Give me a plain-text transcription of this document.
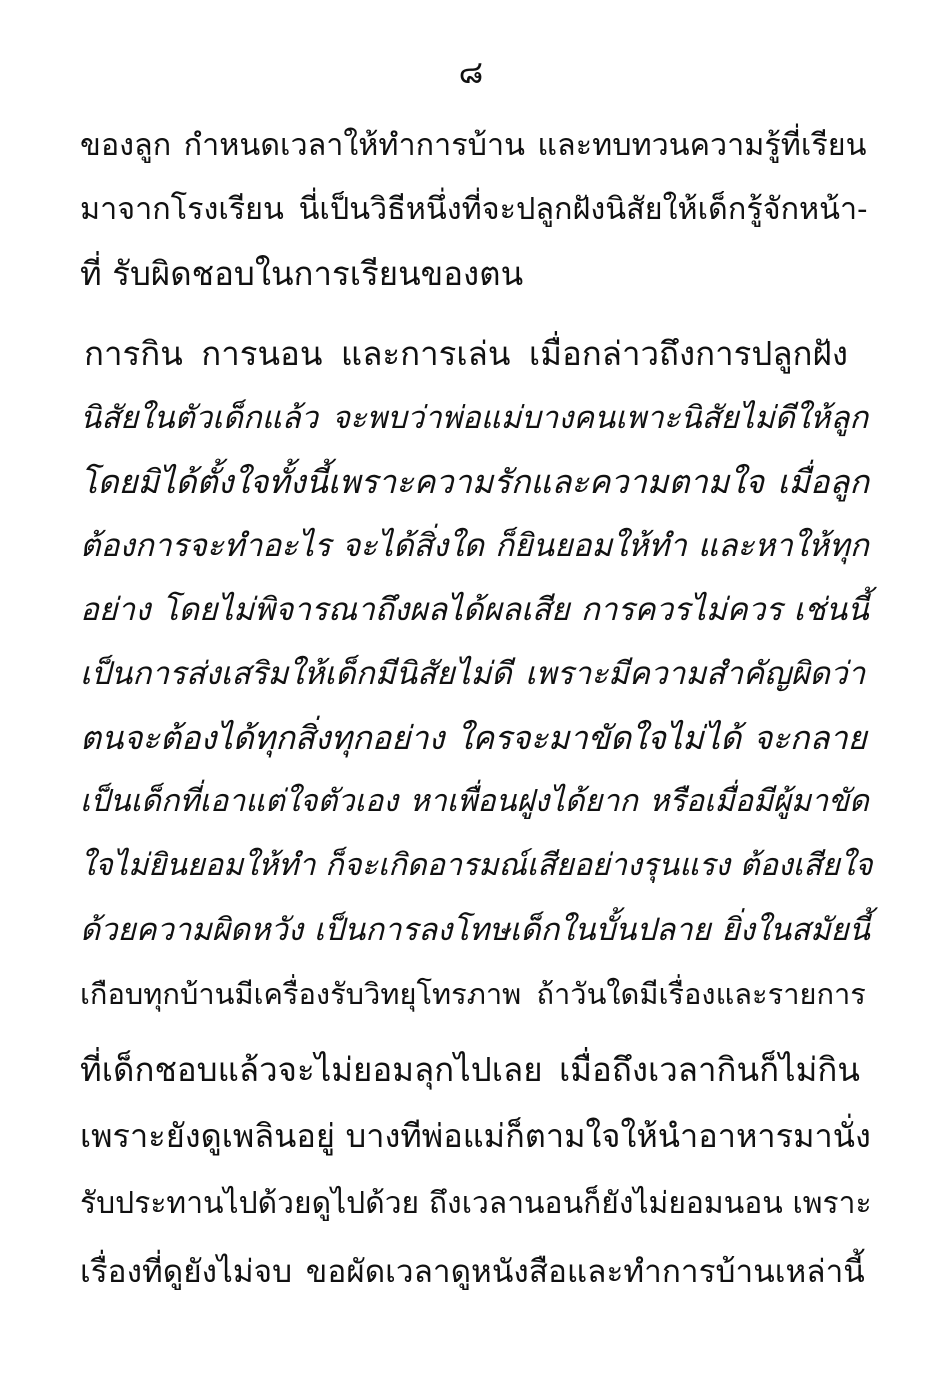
๘
ของลูก กำหนดเวลาให้ทำการบ้าน และทบทวนความรู้ที่เรียน
มาจากโรงเรียน นี่เป็นวิธีหนึ่งที่จะปลูกฝังนิสัยให้เด็กรู้จักหน้า-
ที่ รับผิดชอบในการเรียนของตน
การกิน การนอน และการเล่น เมื่อกล่าวถึงการปลูกฝัง
นิสัยในตัวเด็กแล้ว จะพบว่าพ่อแม่บางคนเพาะนิสัยไม่ดีให้ลูก
โดยมิได้ตั้งใจทั้งนี้เพราะความรักและความตามใจ เมื่อลูก
ต้องการจะทำอะไร จะได้สิ่งใด ก็ยินยอมให้ทำ และหาให้ทุก
อย่าง โดยไม่พิจารณาถึงผลได้ผลเสีย การควรไม่ควร เช่นนี้
เป็นการส่งเสริมให้เด็กมีนิสัยไม่ดี เพราะมีความสำคัญผิดว่า
ตนจะต้องได้ทุกสิ่งทุกอย่าง ใครจะมาขัดใจไม่ได้ จะกลาย
เป็นเด็กที่เอาแต่ใจตัวเอง หาเพื่อนฝูงได้ยาก หรือเมื่อมีผู้มาขัด
ใจไม่ยินยอมให้ทำ ก็จะเกิดอารมณ์เสียอย่างรุนแรง ต้องเสียใจ
ด้วยความผิดหวัง เป็นการลงโทษเด็กในบั้นปลาย ยิ่งในสมัยนี้
เกือบทุกบ้านมีเครื่องรับวิทยุโทรภาพ ถ้าวันใดมีเรื่องและรายการ
ที่เด็กชอบแล้วจะไม่ยอมลุกไปเลย เมื่อถึงเวลากินก็ไม่กิน
เพราะยังดูเพลินอยู่ บางทีพ่อแม่ก็ตามใจให้นำอาหารมานั่ง
รับประทานไปด้วยดูไปด้วย ถึงเวลานอนก็ยังไม่ยอมนอน เพราะ
เรื่องที่ดูยังไม่จบ ขอผัดเวลาดูหนังสือและทำการบ้านเหล่านี้
